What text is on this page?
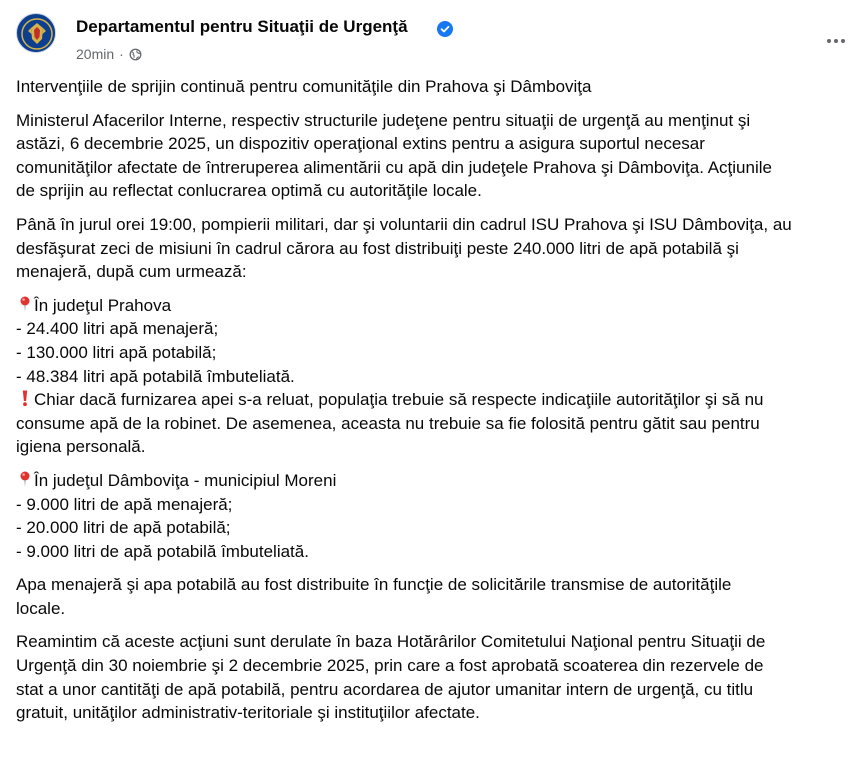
Departamentul pentru Situaţii de Urgenţă
20min ·
Intervenţiile de sprijin continuă pentru comunităţile din Prahova şi Dâmboviţa
Ministerul Afacerilor Interne, respectiv structurile judeţene pentru situaţii de urgenţă au menţinut şi
astăzi, 6 decembrie 2025, un dispozitiv operaţional extins pentru a asigura suportul necesar
comunităţilor afectate de întreruperea alimentării cu apă din judeţele Prahova şi Dâmboviţa. Acţiunile
de sprijin au reflectat conlucrarea optimă cu autorităţile locale.
Până în jurul orei 19:00, pompierii militari, dar şi voluntarii din cadrul ISU Prahova şi ISU Dâmboviţa, au
desfăşurat zeci de misiuni în cadrul cărora au fost distribuiţi peste 240.000 litri de apă potabilă şi
menajeră, după cum urmează:
În judeţul Prahova
- 24.400 litri apă menajeră;
- 130.000 litri apă potabilă;
- 48.384 litri apă potabilă îmbuteliată.
Chiar dacă furnizarea apei s-a reluat, populaţia trebuie să respecte indicaţiile autorităţilor şi să nu
consume apă de la robinet. De asemenea, aceasta nu trebuie sa fie folosită pentru gătit sau pentru
igiena personală.
În judeţul Dâmboviţa - municipiul Moreni
- 9.000 litri de apă menajeră;
- 20.000 litri de apă potabilă;
- 9.000 litri de apă potabilă îmbuteliată.
Apa menajeră şi apa potabilă au fost distribuite în funcţie de solicitările transmise de autorităţile
locale.
Reamintim că aceste acţiuni sunt derulate în baza Hotărârilor Comitetului Naţional pentru Situaţii de
Urgenţă din 30 noiembrie şi 2 decembrie 2025, prin care a fost aprobată scoaterea din rezervele de
stat a unor cantităţi de apă potabilă, pentru acordarea de ajutor umanitar intern de urgenţă, cu titlu
gratuit, unităţilor administrativ-teritoriale şi instituţiilor afectate.
